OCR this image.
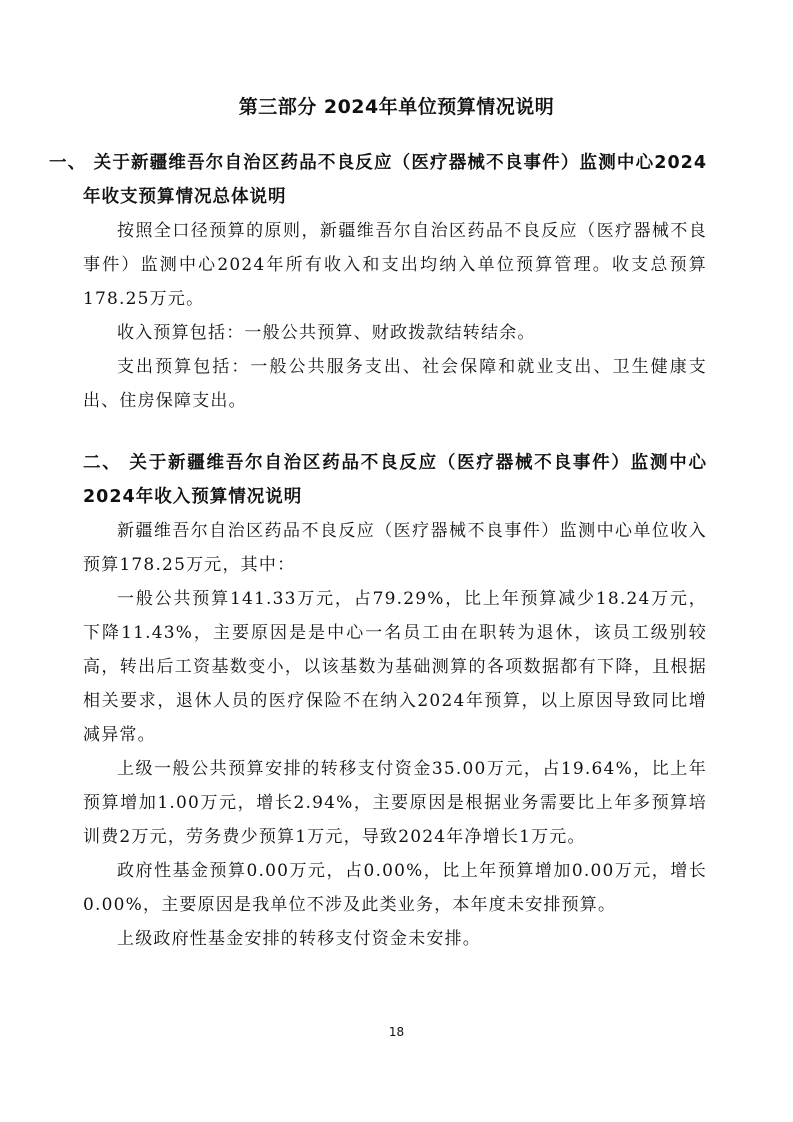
第三部分 2024年单位预算情况说明
一、 关于新疆维吾尔自治区药品不良反应（医疗器械不良事件）监测中心2024年收支预算情况总体说明
按照全口径预算的原则，新疆维吾尔自治区药品不良反应（医疗器械不良事件）监测中心2024年所有收入和支出均纳入单位预算管理。收支总预算178.25万元。
收入预算包括：一般公共预算、财政拨款结转结余。
支出预算包括：一般公共服务支出、社会保障和就业支出、卫生健康支出、住房保障支出。
二、 关于新疆维吾尔自治区药品不良反应（医疗器械不良事件）监测中心2024年收入预算情况说明
新疆维吾尔自治区药品不良反应（医疗器械不良事件）监测中心单位收入预算178.25万元，其中：
一般公共预算141.33万元，占79.29%，比上年预算减少18.24万元，下降11.43%，主要原因是是中心一名员工由在职转为退休，该员工级别较高，转出后工资基数变小，以该基数为基础测算的各项数据都有下降，且根据相关要求，退休人员的医疗保险不在纳入2024年预算，以上原因导致同比增减异常。
上级一般公共预算安排的转移支付资金35.00万元，占19.64%，比上年预算增加1.00万元，增长2.94%，主要原因是根据业务需要比上年多预算培训费2万元，劳务费少预算1万元，导致2024年净增长1万元。
政府性基金预算0.00万元，占0.00%，比上年预算增加0.00万元，增长0.00%，主要原因是我单位不涉及此类业务，本年度未安排预算。
上级政府性基金安排的转移支付资金未安排。
18
